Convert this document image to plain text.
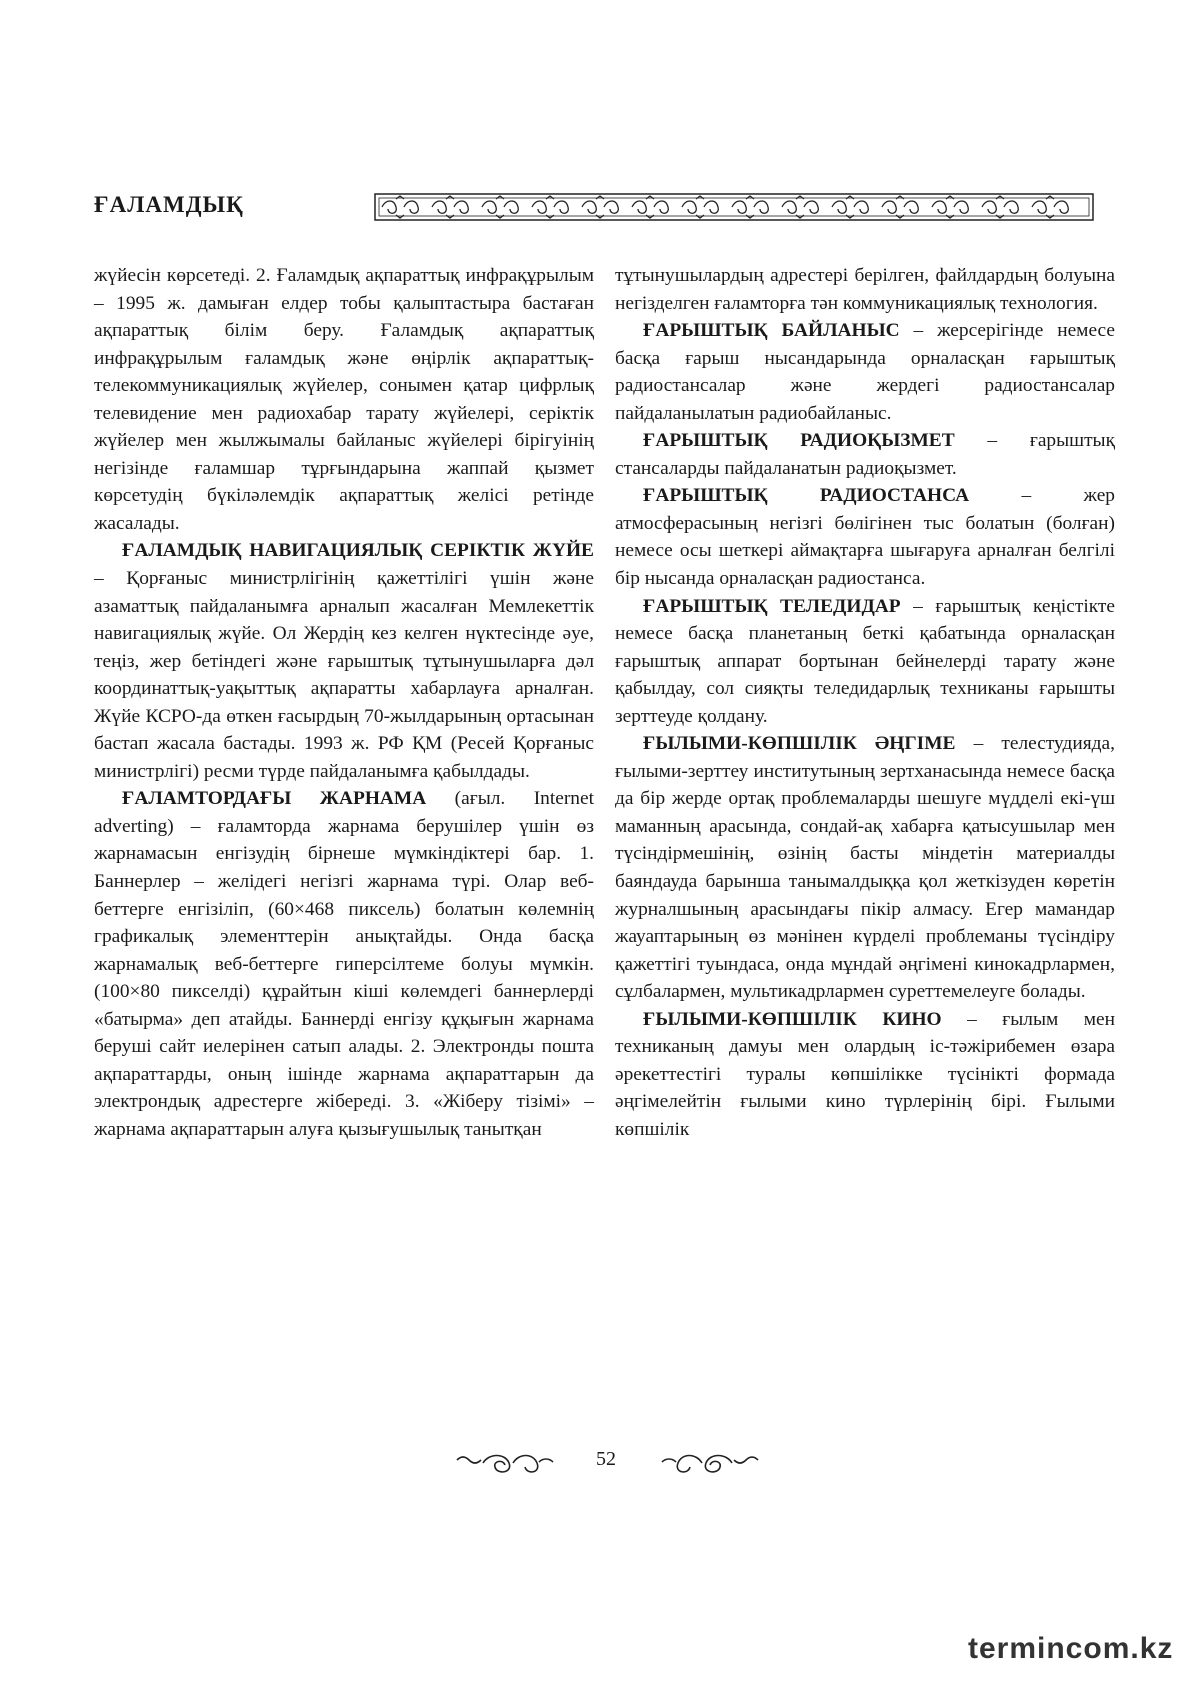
ҒАЛАМДЫҚ

жүйесін көрсетеді. 2. Ғаламдық ақпараттық инфрақұрылым – 1995 ж. дамыған елдер тобы қалыптастыра бастаған ақпараттық білім беру. Ғаламдық ақпараттық инфрақұрылым ғаламдық және өңірлік ақпараттық-телекоммуникациялық жүйелер, сонымен қатар цифрлық телевидение мен радиохабар тарату жүйелері, серіктік жүйелер мен жылжымалы байланыс жүйелері бірігуінің негізінде ғаламшар тұрғындарына жаппай қызмет көрсетудің бүкіләлемдік ақпараттық желісі ретінде жасалады.

ҒАЛАМДЫҚ НАВИГАЦИЯЛЫҚ СЕРІКТІК ЖҮЙЕ – Қорғаныс министрлігінің қажеттілігі үшін және азаматтық пайдаланымға арналып жасалған Мемлекеттік навигациялық жүйе. Ол Жердің кез келген нүктесінде әуе, теңіз, жер бетіндегі және ғарыштық тұтынушыларға дәл координаттық-уақыттық ақпаратты хабарлауға арналған. Жүйе КСРО-да өткен ғасырдың 70-жылдарының ортасынан бастап жасала бастады. 1993 ж. РФ ҚМ (Ресей Қорғаныс министрлігі) ресми түрде пайдаланымға қабылдады.

ҒАЛАМТОРДАҒЫ ЖАРНАМА (ағыл. Internet adverting) – ғаламторда жарнама берушілер үшін өз жарнамасын енгізудің бірнеше мүмкіндіктері бар. 1. Баннерлер – желідегі негізгі жарнама түрі. Олар веб-беттерге енгізіліп, (60×468 пиксель) болатын көлемнің графикалық элементтерін анықтайды. Онда басқа жарнамалық веб-беттерге гиперсілтеме болуы мүмкін. (100×80 пикселді) құрайтын кіші көлемдегі баннерлерді «батырма» деп атайды. Баннерді енгізу құқығын жарнама беруші сайт иелерінен сатып алады. 2. Электронды пошта ақпараттарды, оның ішінде жарнама ақпараттарын да электрондық адрестерге жібереді. 3. «Жіберу тізімі» – жарнама ақпараттарын алуға қызығушылық танытқан

тұтынушылардың адрестері берілген, файлдардың болуына негізделген ғаламторға тән коммуникациялық технология.

ҒАРЫШТЫҚ БАЙЛАНЫС – жерсерігінде немесе басқа ғарыш нысандарында орналасқан ғарыштық радиостансалар және жердегі радиостансалар пайдаланылатын радиобайланыс.

ҒАРЫШТЫҚ РАДИОҚЫЗМЕТ – ғарыштық стансаларды пайдаланатын радиоқызмет.

ҒАРЫШТЫҚ РАДИОСТАНСА – жер атмосферасының негізгі бөлігінен тыс болатын (болған) немесе осы шеткері аймақтарға шығаруға арналған белгілі бір нысанда орналасқан радиостанса.

ҒАРЫШТЫҚ ТЕЛЕДИДАР – ғарыштық кеңістікте немесе басқа планетаның беткі қабатында орналасқан ғарыштық аппарат бортынан бейнелерді тарату және қабылдау, сол сияқты теледидарлық техниканы ғарышты зерттеуде қолдану.

ҒЫЛЫМИ-КӨПШІЛІК ӘҢГІМЕ – телестудияда, ғылыми-зерттеу институтының зертханасында немесе басқа да бір жерде ортақ проблемаларды шешуге мүдделі екі-үш маманның арасында, сондай-ақ хабарға қатысушылар мен түсіндірмешінің, өзінің басты міндетін материалды баяндауда барынша танымалдыққа қол жеткізуден көретін журналшының арасындағы пікір алмасу. Егер мамандар жауаптарының өз мәнінен күрделі проблеманы түсіндіру қажеттігі туындаса, онда мұндай әңгімені кинокадрлармен, сұлбалармен, мультикадрлармен суреттемелеуге болады.

ҒЫЛЫМИ-КӨПШІЛІК КИНО – ғылым мен техниканың дамуы мен олардың іс-тәжірибемен өзара әрекеттестігі туралы көпшілікке түсінікті формада әңгімелейтін ғылыми кино түрлерінің бірі. Ғылыми көпшілік

52
termincom.kz
